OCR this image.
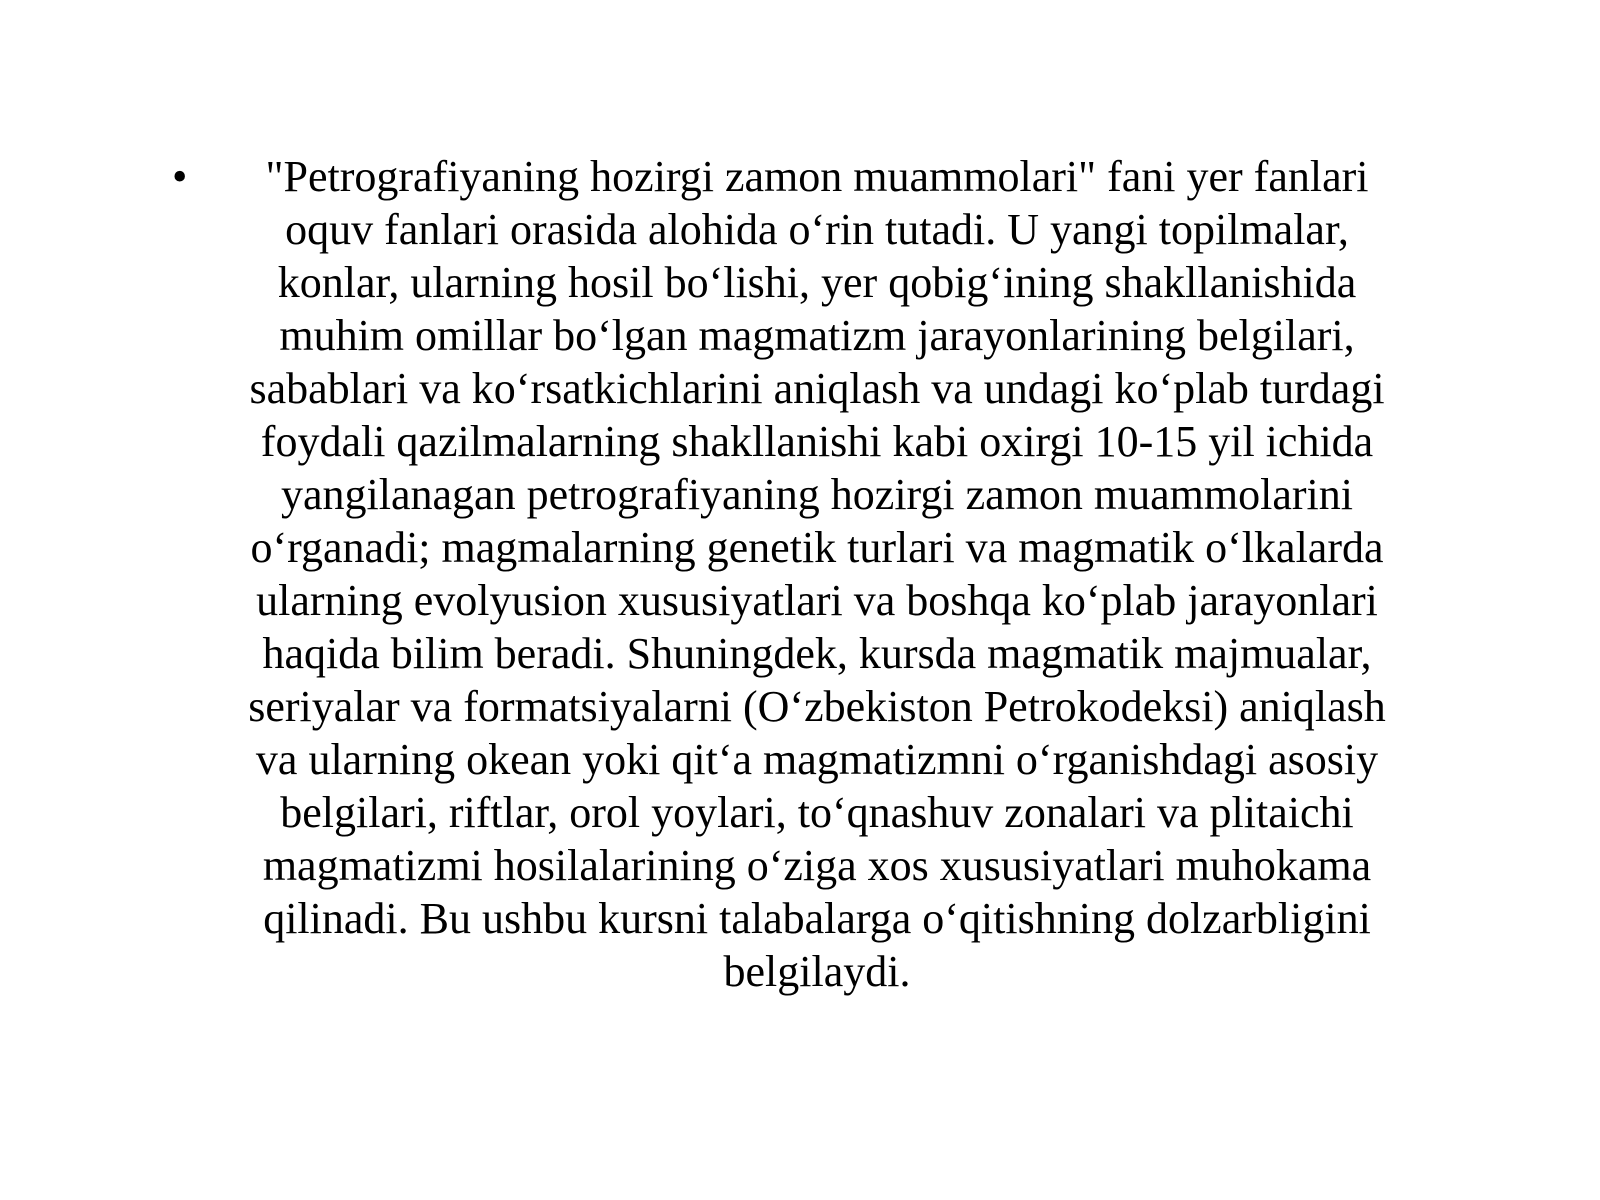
•	"Petrografiyaning hozirgi zamon muammolari" fani yer fanlari
oquv fanlari orasida alohida o‘rin tutadi. U yangi topilmalar,
konlar, ularning hosil bo‘lishi, yer qobig‘ining shakllanishida
muhim omillar bo‘lgan magmatizm jarayonlarining belgilari,
sabablari va ko‘rsatkichlarini aniqlash va undagi ko‘plab turdagi
foydali qazilmalarning shakllanishi kabi oxirgi 10-15 yil ichida
yangilanagan petrografiyaning hozirgi zamon muammolarini
o‘rganadi; magmalarning genetik turlari va magmatik o‘lkalarda
ularning evolyusion xususiyatlari va boshqa ko‘plab jarayonlari
haqida bilim beradi. Shuningdek, kursda magmatik majmualar,
seriyalar va formatsiyalarni (O‘zbekiston Petrokodeksi) aniqlash
va ularning okean yoki qit‘a magmatizmni o‘rganishdagi asosiy
belgilari, riftlar, orol yoylari, to‘qnashuv zonalari va plitaichi
magmatizmi hosilalarining o‘ziga xos xususiyatlari muhokama
qilinadi. Bu ushbu kursni talabalarga o‘qitishning dolzarbligini
belgilaydi.
